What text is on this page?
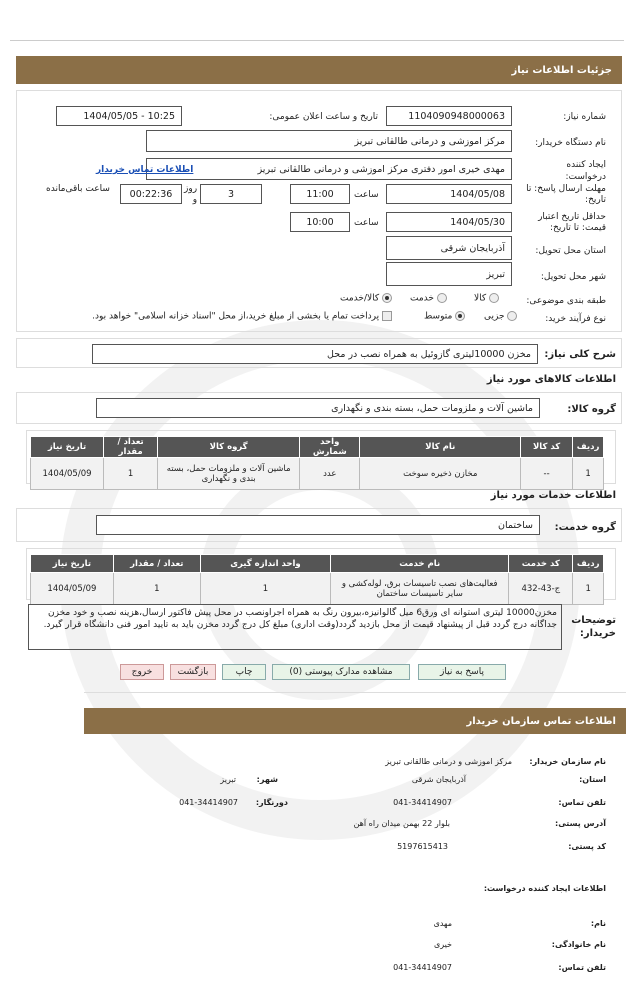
جزئیات اطلاعات نیاز
شماره نیاز:
1104090948000063
تاریخ و ساعت اعلان عمومی:
1404/05/05 - 10:25
نام دستگاه خریدار:
مرکز اموزشی و درمانی طالقانی تبریز
ایجاد کننده
درخواست:
مهدی خیری امور دفتری مرکز اموزشی و درمانی طالقانی تبریز
اطلاعات تماس خریدار
مهلت ارسال پاسخ: تا
تاریخ:
1404/05/08
ساعت
11:00
3
روز
و
00:22:36
ساعت باقی‌مانده
حداقل تاریخ اعتبار
قیمت: تا تاریخ:
1404/05/30
ساعت
10:00
استان محل تحویل:
آذربایجان شرقی
شهر محل تحویل:
تبریز
طبقه بندی موضوعی:
کالا
خدمت
کالا/خدمت
نوع فرآیند خرید:
جزیی
متوسط
پرداخت تمام یا بخشی از مبلغ خرید،از محل "اسناد خزانه اسلامی" خواهد بود.
شرح کلی نیاز:
مخزن 10000لیتری گازوئیل به همراه نصب در محل
اطلاعات کالاهای مورد نیاز
گروه کالا:
ماشین آلات و ملزومات حمل، بسته بندی و نگهداری
ردیف	کد کالا	نام کالا	واحد شمارش	گروه کالا	تعداد / مقدار	تاریخ نیاز
1	--	مخازن ذخیره سوخت	عدد	ماشین آلات و ملزومات حمل، بسته بندی و نگهداری	1	1404/05/09
اطلاعات خدمات مورد نیاز
گروه خدمت:
ساختمان
ردیف	کد خدمت	نام خدمت	واحد اندازه گیری	تعداد / مقدار	تاریخ نیاز
1	ج-43-432	فعالیت‌های نصب تاسیسات برق، لوله‌کشی و سایر تاسیسات ساختمان	1	1	1404/05/09
توضیحات
خریدار:
مخزن10000 لیتری استوانه ای ورق6 میل گالوانیزه،بیرون رنگ به همراه اجراونصب در محل پیش فاکتور ارسال،هزینه نصب و خود مخزن جداگانه درج گردد قبل از پیشنهاد قیمت از محل بازدید گردد(وقت اداری) مبلغ کل درج گردد مخزن باید به تایید امور فنی دانشگاه قرار گیرد.
پاسخ به نیاز
مشاهده مدارک پیوستی (0)
چاپ
بازگشت
خروج
اطلاعات تماس سازمان خریدار
نام سازمان خریدار:
مرکز اموزشی و درمانی طالقانی تبریز
استان:
آذربایجان شرقی
شهر:
تبریز
تلفن تماس:
041-34414907
دورنگار:
041-34414907
آدرس پستی:
بلوار 22 بهمن میدان راه آهن
کد پستی:
5197615413
اطلاعات ایجاد کننده درخواست:
نام:
مهدی
نام خانوادگی:
خیری
تلفن تماس:
041-34414907
